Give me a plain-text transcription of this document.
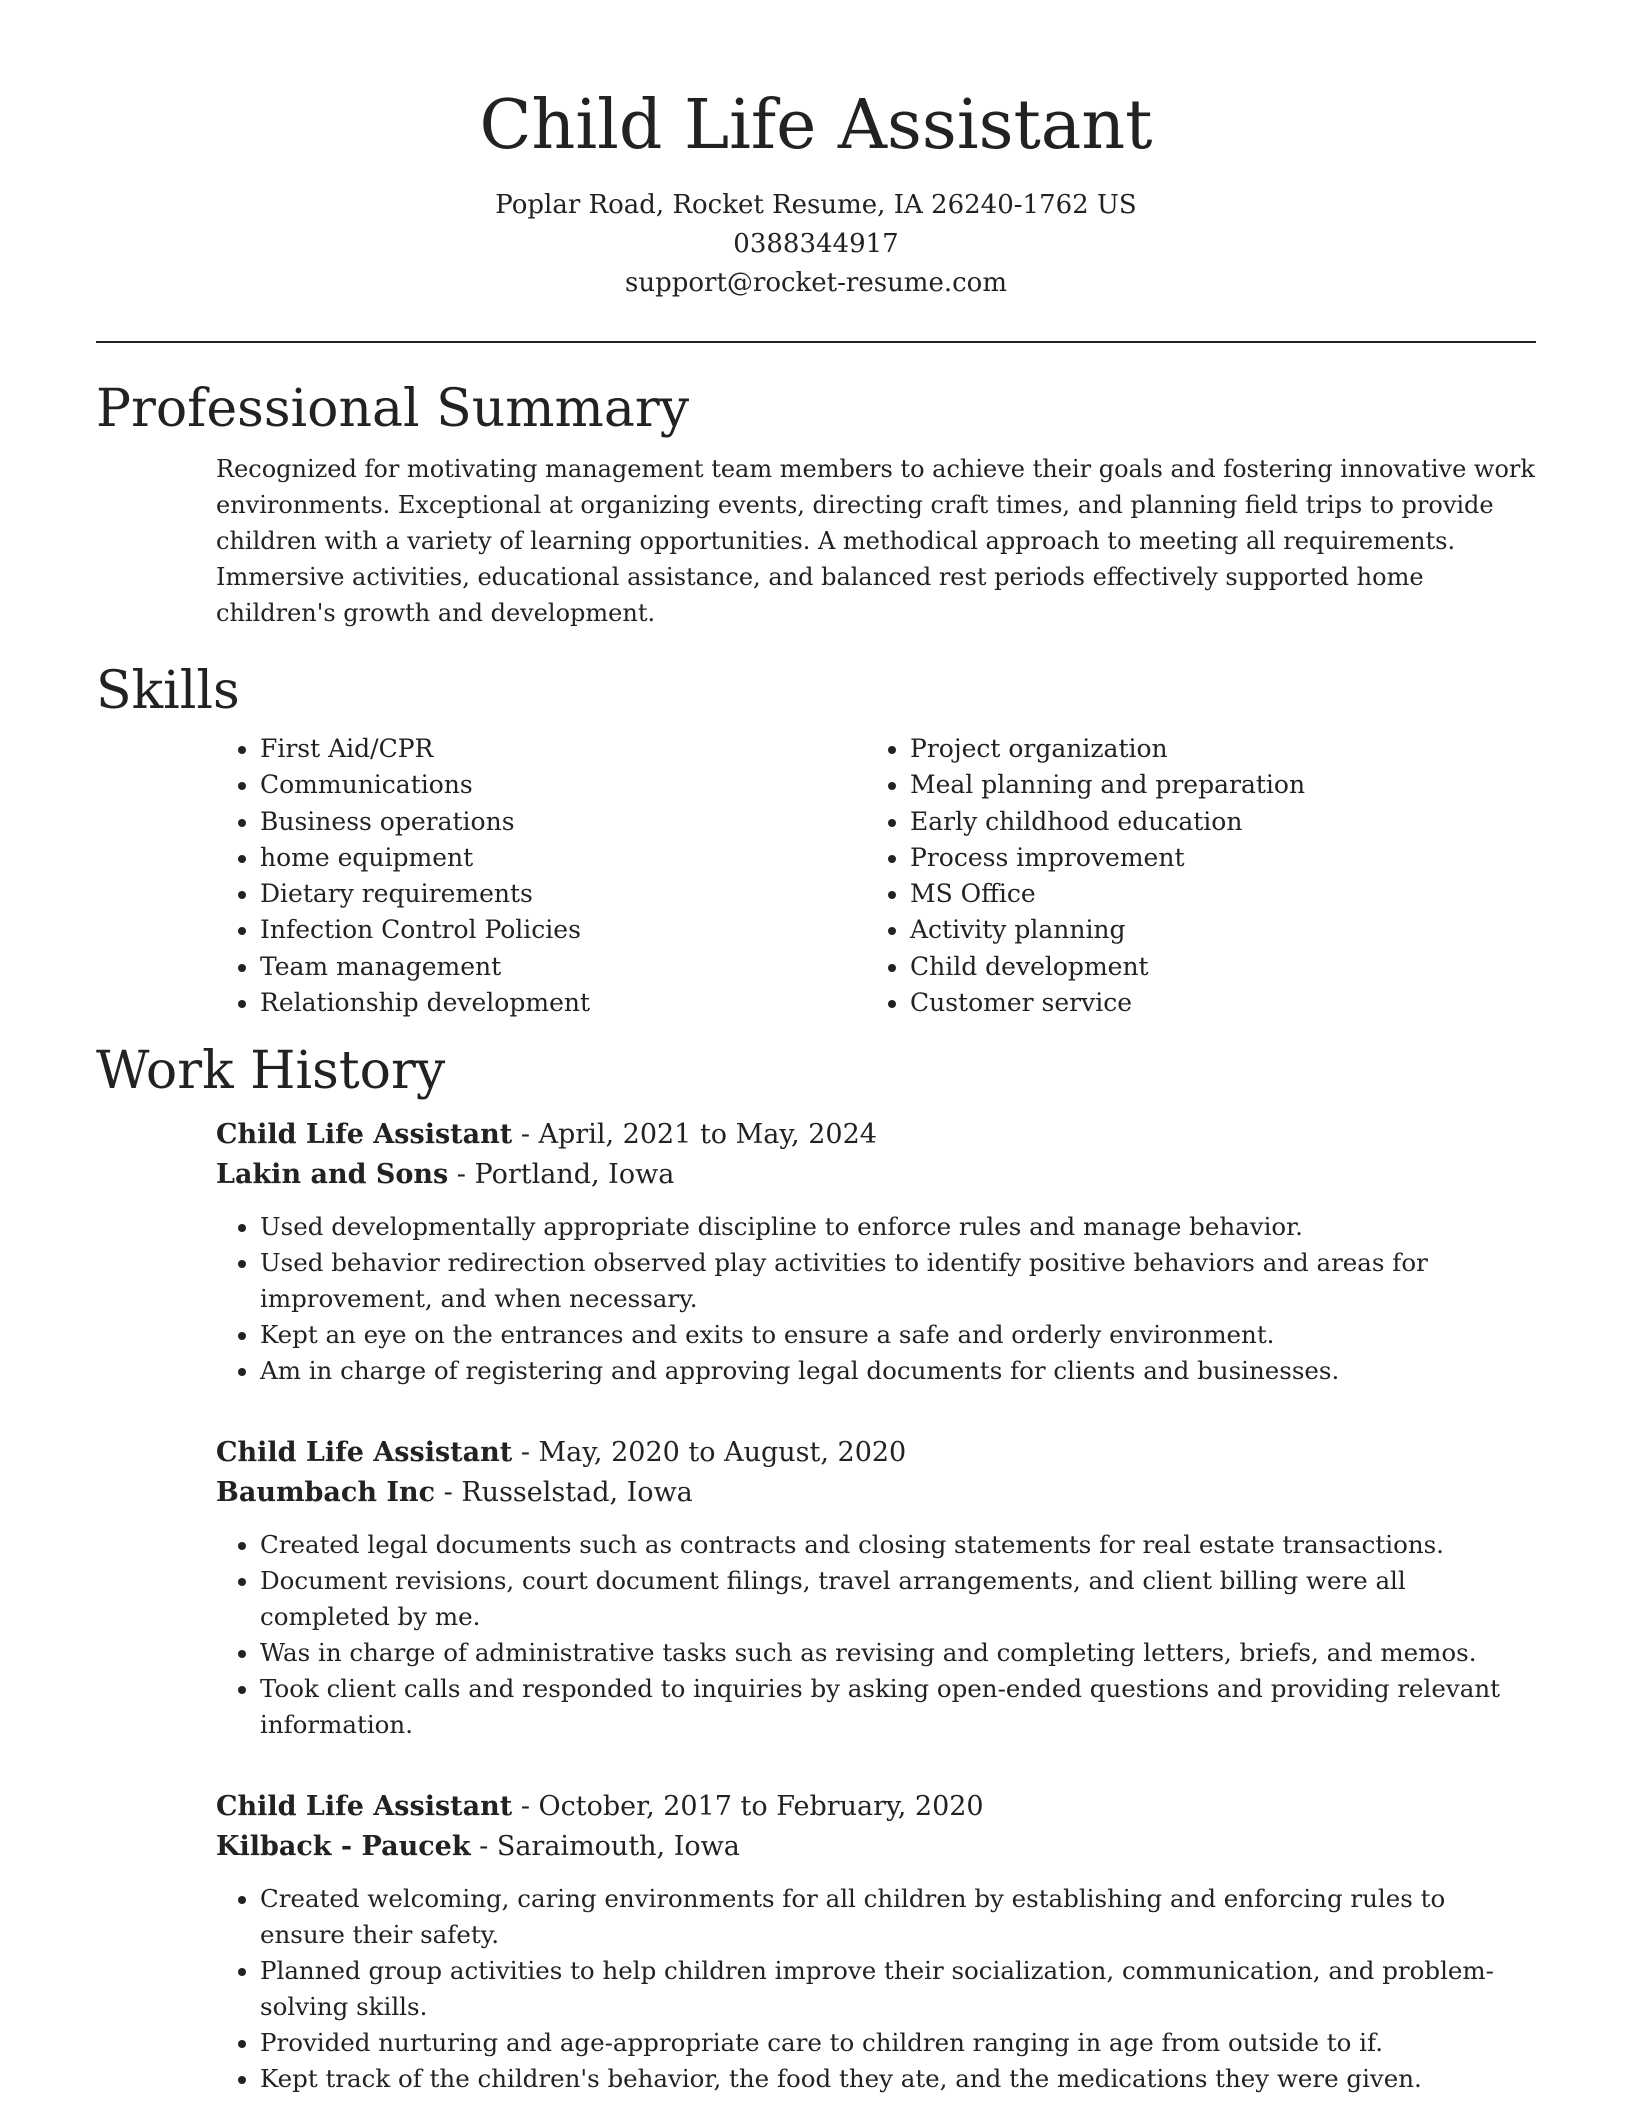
Child Life Assistant
Poplar Road, Rocket Resume, IA 26240-1762 US
0388344917
support@rocket-resume.com
Professional Summary

Recognized for motivating management team members to achieve their goals and fostering innovative work environments. Exceptional at organizing events, directing craft times, and planning field trips to provide children with a variety of learning opportunities. A methodical approach to meeting all requirements. Immersive activities, educational assistance, and balanced rest periods effectively supported home children's growth and development.

Skills
• First Aid/CPR
• Communications
• Business operations
• home equipment
• Dietary requirements
• Infection Control Policies
• Team management
• Relationship development
• Project organization
• Meal planning and preparation
• Early childhood education
• Process improvement
• MS Office
• Activity planning
• Child development
• Customer service
Work History
Child Life Assistant - April, 2021 to May, 2024
Lakin and Sons - Portland, Iowa
• Used developmentally appropriate discipline to enforce rules and manage behavior.
• Used behavior redirection observed play activities to identify positive behaviors and areas for improvement, and when necessary.
• Kept an eye on the entrances and exits to ensure a safe and orderly environment.
• Am in charge of registering and approving legal documents for clients and businesses.
Child Life Assistant - May, 2020 to August, 2020
Baumbach Inc - Russelstad, Iowa
• Created legal documents such as contracts and closing statements for real estate transactions.
• Document revisions, court document filings, travel arrangements, and client billing were all completed by me.
• Was in charge of administrative tasks such as revising and completing letters, briefs, and memos.
• Took client calls and responded to inquiries by asking open-ended questions and providing relevant information.
Child Life Assistant - October, 2017 to February, 2020
Kilback - Paucek - Saraimouth, Iowa
• Created welcoming, caring environments for all children by establishing and enforcing rules to ensure their safety.
• Planned group activities to help children improve their socialization, communication, and problem-solving skills.
• Provided nurturing and age-appropriate care to children ranging in age from outside to if.
• Kept track of the children's behavior, the food they ate, and the medications they were given.
